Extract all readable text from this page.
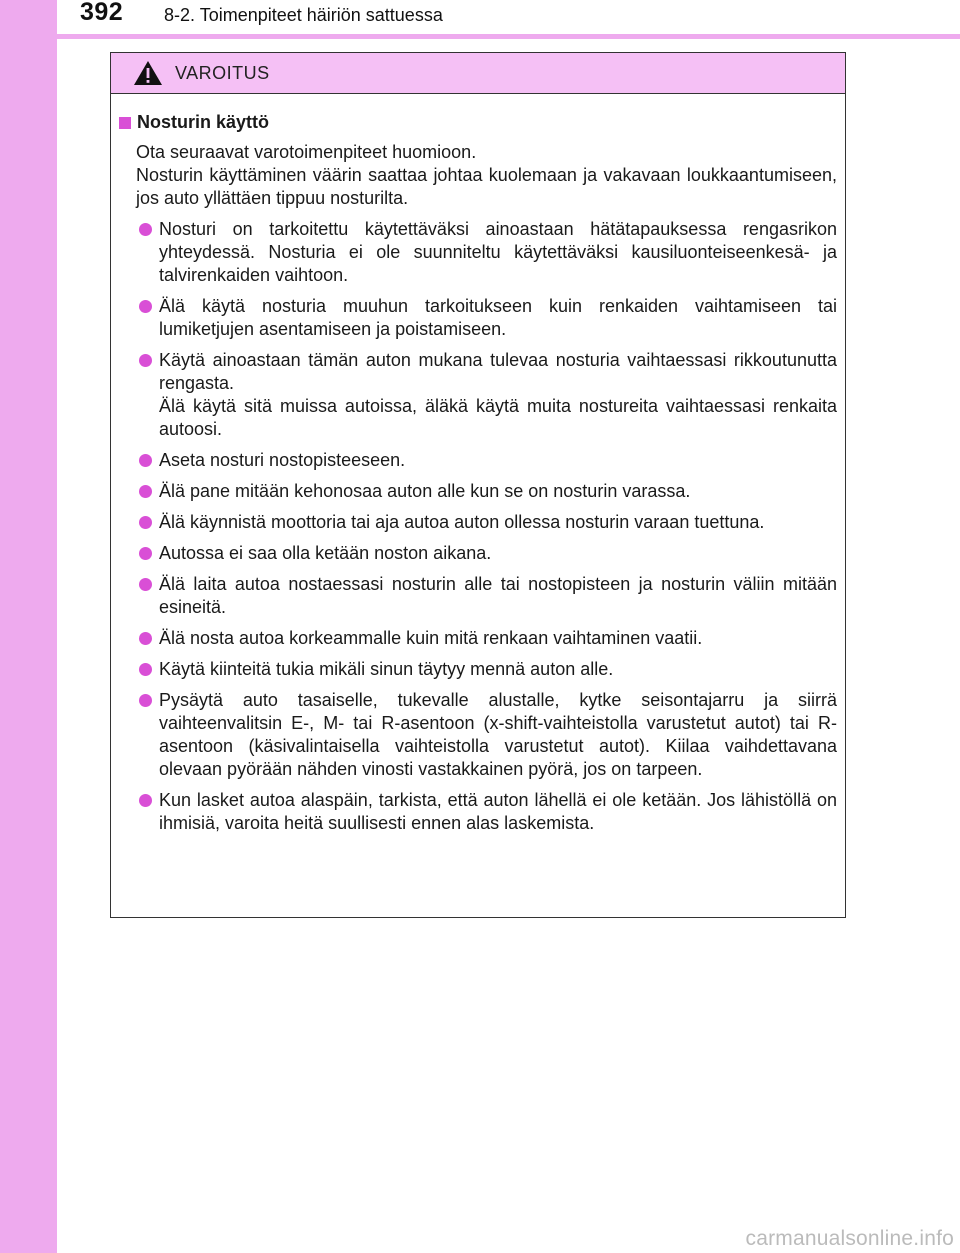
392 8-2. Toimenpiteet häiriön sattuessa
VAROITUS
Nosturin käyttö

Ota seuraavat varotoimenpiteet huomioon.

Nosturin käyttäminen väärin saattaa johtaa kuolemaan ja vakavaan loukkaantumiseen, jos auto yllättäen tippuu nosturilta.

Nosturi on tarkoitettu käytettäväksi ainoastaan hätätapauksessa rengasrikon yhteydessä. Nosturia ei ole suunniteltu käytettäväksi kausiluonteiseenkesä- ja talvirenkaiden vaihtoon.

Älä käytä nosturia muuhun tarkoitukseen kuin renkaiden vaihtamiseen tai lumiketjujen asentamiseen ja poistamiseen.

Käytä ainoastaan tämän auton mukana tulevaa nosturia vaihtaessasi rikkoutunutta rengasta.

Älä käytä sitä muissa autoissa, äläkä käytä muita nostureita vaihtaessasi renkaita autoosi.

Aseta nosturi nostopisteeseen.

Älä pane mitään kehonosaa auton alle kun se on nosturin varassa.

Älä käynnistä moottoria tai aja autoa auton ollessa nosturin varaan tuettuna.

Autossa ei saa olla ketään noston aikana.

Älä laita autoa nostaessasi nosturin alle tai nostopisteen ja nosturin väliin mitään esineitä.

Älä nosta autoa korkeammalle kuin mitä renkaan vaihtaminen vaatii.

Käytä kiinteitä tukia mikäli sinun täytyy mennä auton alle.

Pysäytä auto tasaiselle, tukevalle alustalle, kytke seisontajarru ja siirrä vaihteenvalitsin E-, M- tai R-asentoon (x-shift-vaihteistolla varustetut autot) tai R-asentoon (käsivalintaisella vaihteistolla varustetut autot). Kiilaa vaihdettavana olevaan pyörään nähden vinosti vastakkainen pyörä, jos on tarpeen.

Kun lasket autoa alaspäin, tarkista, että auton lähellä ei ole ketään. Jos lähistöllä on ihmisiä, varoita heitä suullisesti ennen alas laskemista.

carmanualsonline.info
